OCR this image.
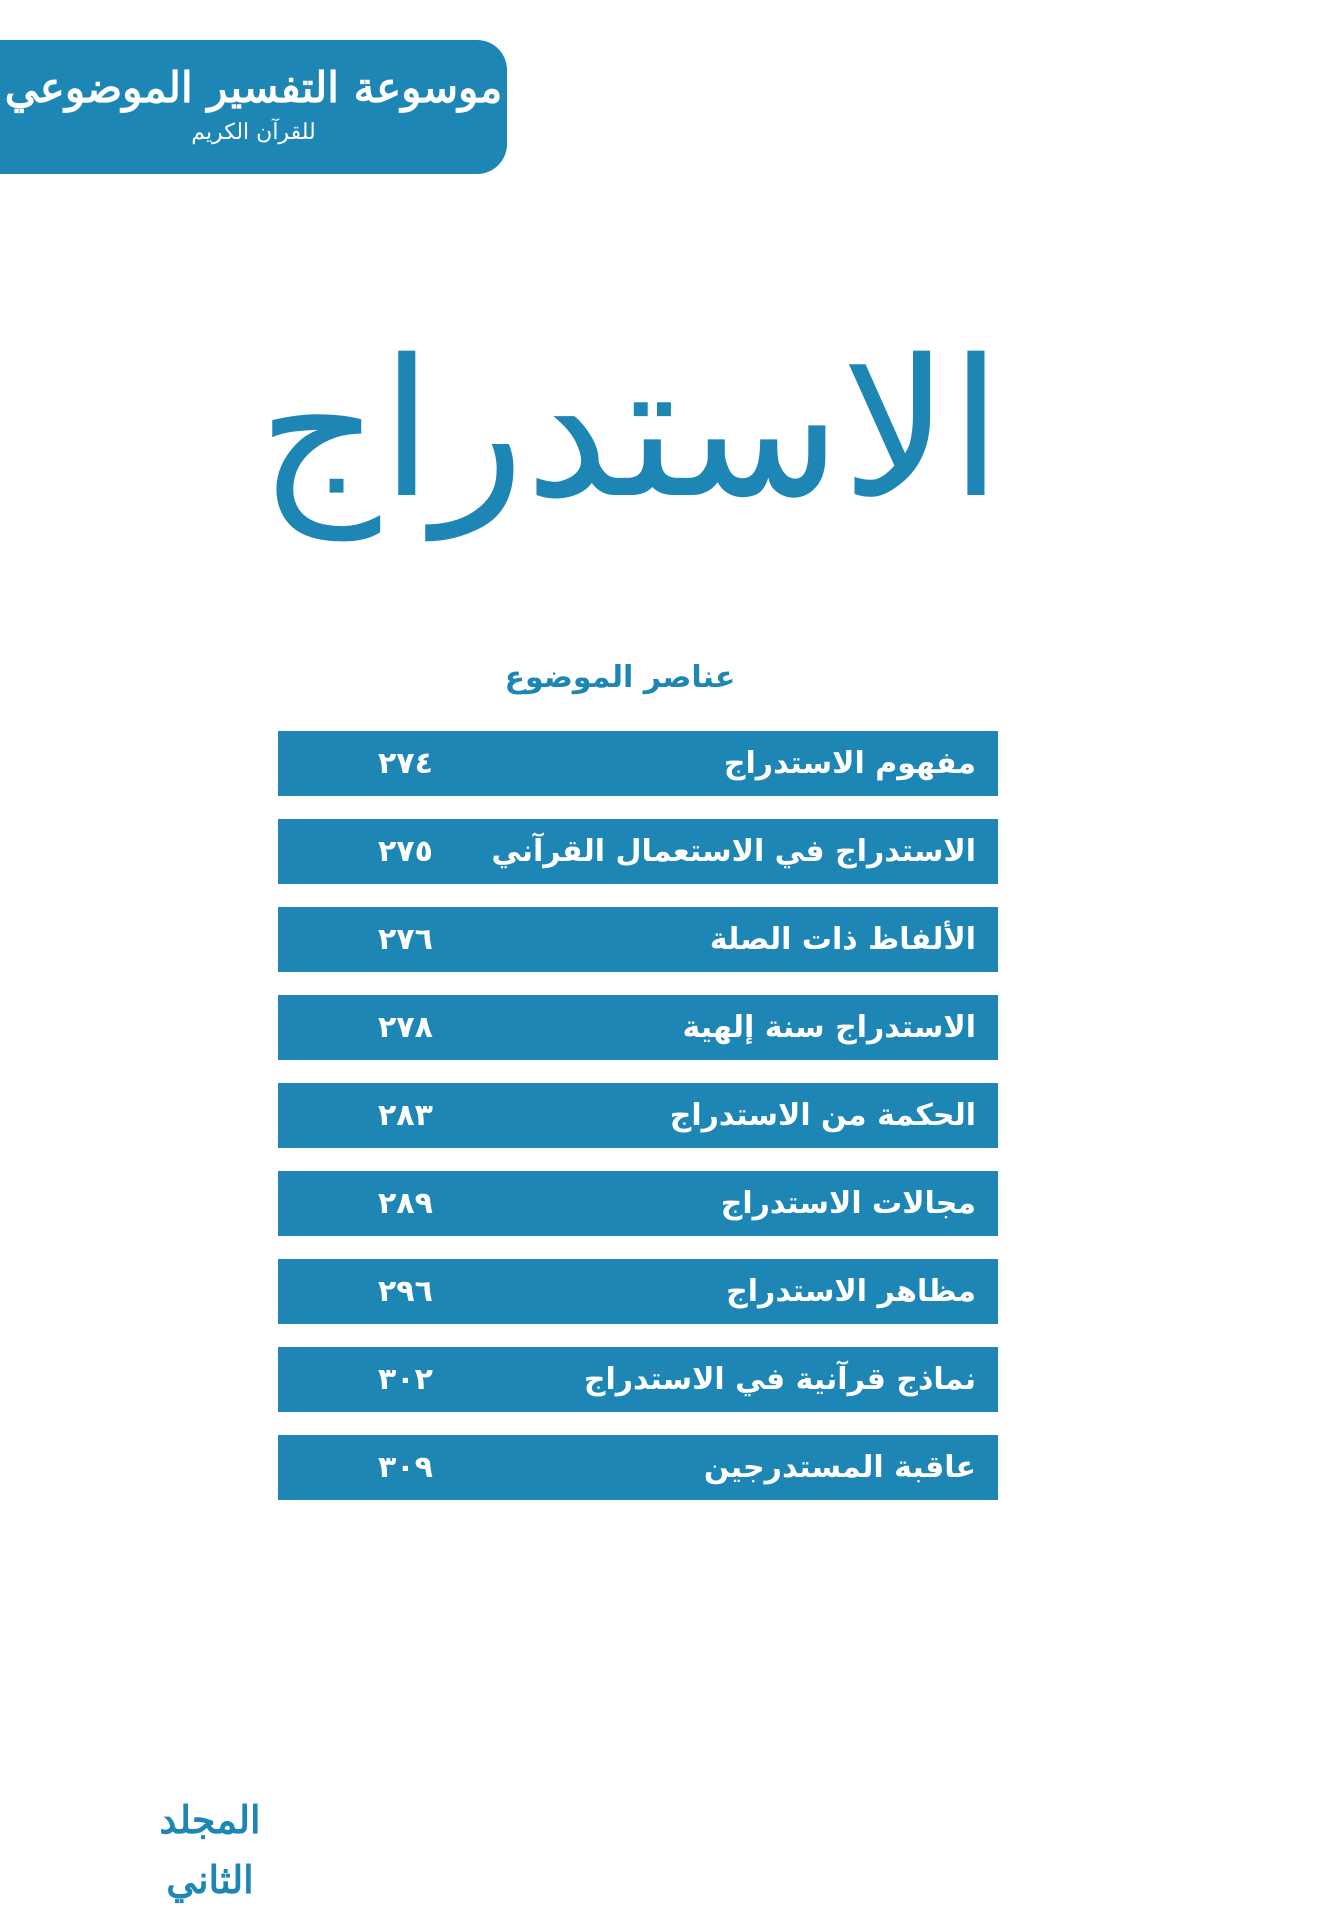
موسوعة التفسير الموضوعي
للقرآن الكريم
الاستدراج
عناصر الموضوع
مفهوم الاستدراج
٢٧٤
الاستدراج في الاستعمال القرآني
٢٧٥
الألفاظ ذات الصلة
٢٧٦
الاستدراج سنة إلهية
٢٧٨
الحكمة من الاستدراج
٢٨٣
مجالات الاستدراج
٢٨٩
مظاهر الاستدراج
٢٩٦
نماذج قرآنية في الاستدراج
٣٠٢
عاقبة المستدرجين
٣٠٩
المجلد الثاني
